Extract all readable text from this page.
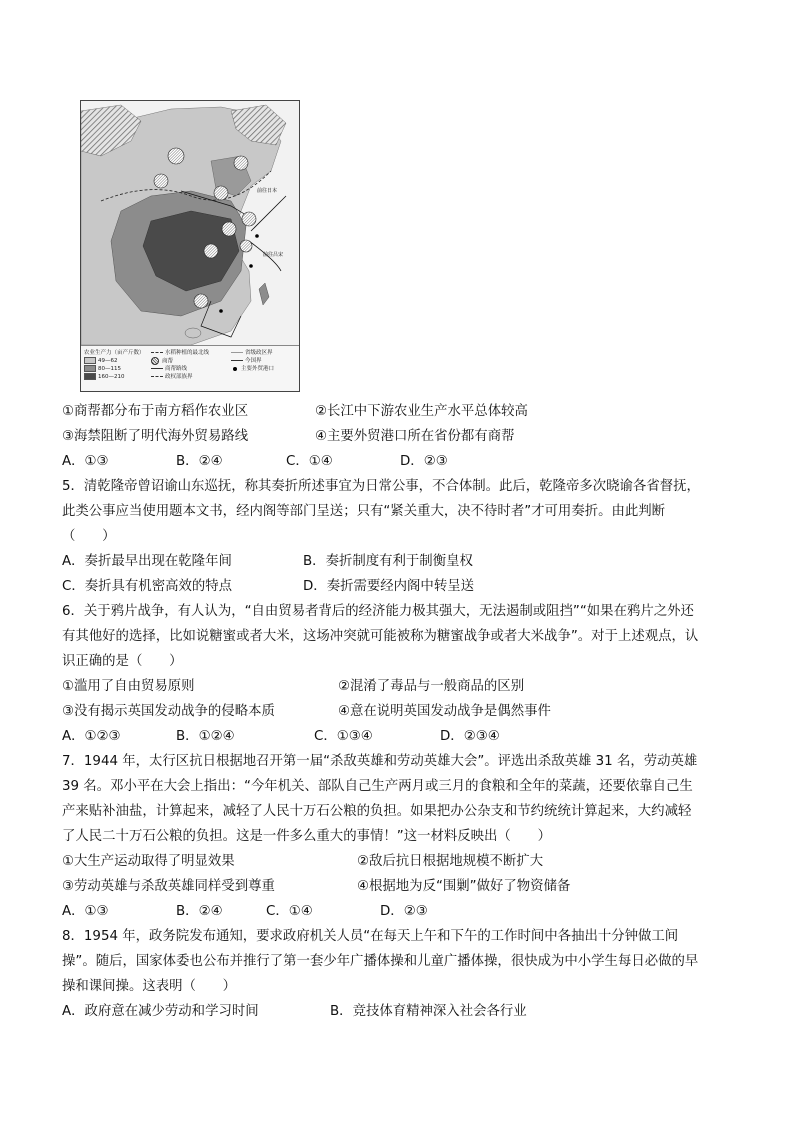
前往日本
前往吕宋
农业生产力（亩产斤数）
49—62
80—115
160—210
水稻种植的最北线
商帮
商帮路线
政权部族界
省级政区界
今国界
主要外贸港口
①商帮都分布于南方稻作农业区	②长江中下游农业生产水平总体较高
③海禁阻断了明代海外贸易路线	④主要外贸港口所在省份都有商帮
A．①③	B．②④	C．①④	D．②③
5．清乾隆帝曾诏谕山东巡抚，称其奏折所述事宜为日常公事，不合体制。此后，乾隆帝多次晓谕各省督抚，
此类公事应当使用题本文书，经内阁等部门呈送；只有“紧关重大，决不待时者”才可用奏折。由此判断
（　　）
A．奏折最早出现在乾隆年间	B．奏折制度有利于制衡皇权
C．奏折具有机密高效的特点	D．奏折需要经内阁中转呈送
6．关于鸦片战争，有人认为，“自由贸易者背后的经济能力极其强大，无法遏制或阻挡”“如果在鸦片之外还
有其他好的选择，比如说糖蜜或者大米，这场冲突就可能被称为糖蜜战争或者大米战争”。对于上述观点，认
识正确的是（　　）
①滥用了自由贸易原则	②混淆了毒品与一般商品的区别
③没有揭示英国发动战争的侵略本质	④意在说明英国发动战争是偶然事件
A．①②③	B．①②④	C．①③④	D．②③④
7．1944 年，太行区抗日根据地召开第一届“杀敌英雄和劳动英雄大会”。评选出杀敌英雄 31 名，劳动英雄
39 名。邓小平在大会上指出：“今年机关、部队自己生产两月或三月的食粮和全年的菜蔬，还要依靠自己生
产来贴补油盐，计算起来，减轻了人民十万石公粮的负担。如果把办公杂支和节约统统计算起来，大约减轻
了人民二十万石公粮的负担。这是一件多么重大的事情！”这一材料反映出（　　）
①大生产运动取得了明显效果	②敌后抗日根据地规模不断扩大
③劳动英雄与杀敌英雄同样受到尊重	④根据地为反“围剿”做好了物资储备
A．①③	B．②④	C．①④	D．②③
8．1954 年，政务院发布通知，要求政府机关人员“在每天上午和下午的工作时间中各抽出十分钟做工间
操”。随后，国家体委也公布并推行了第一套少年广播体操和儿童广播体操，很快成为中小学生每日必做的早
操和课间操。这表明（　　）
A．政府意在减少劳动和学习时间	B．竞技体育精神深入社会各行业
